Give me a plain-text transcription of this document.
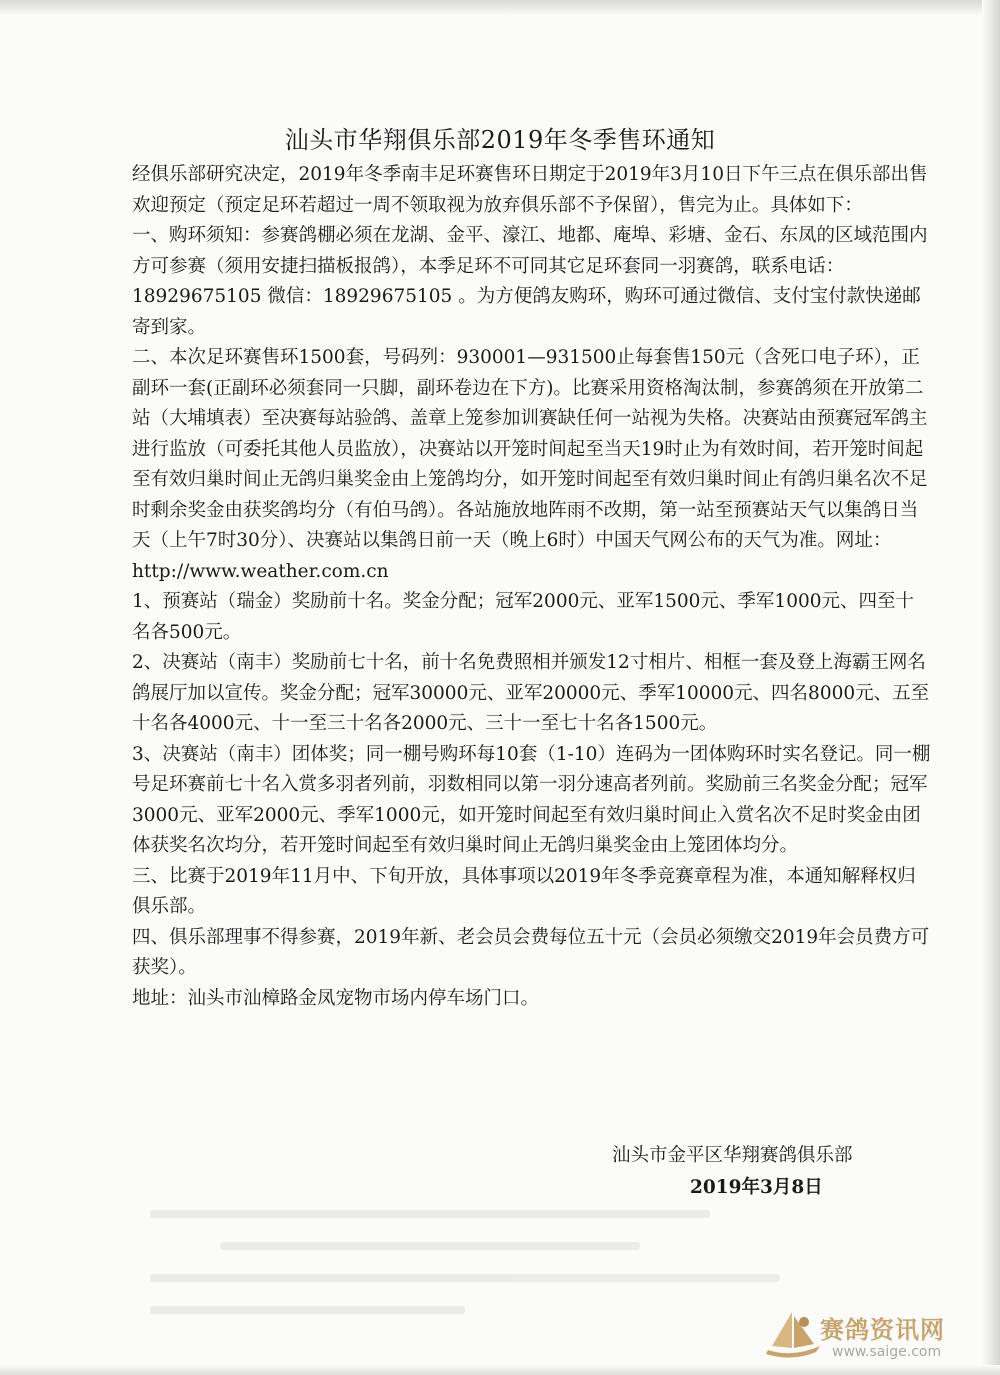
汕头市华翔俱乐部2019年冬季售环通知

经俱乐部研究决定，2019年冬季南丰足环赛售环日期定于2019年3月10日下午三点在俱乐部出售欢迎预定（预定足环若超过一周不领取视为放弃俱乐部不予保留），售完为止。具体如下：

一、购环须知：参赛鸽棚必须在龙湖、金平、濠江、地都、庵埠、彩塘、金石、东凤的区域范围内方可参赛（须用安捷扫描板报鸽），本季足环不可同其它足环套同一羽赛鸽，联系电话：18929675105 微信：18929675105 。为方便鸽友购环，购环可通过微信、支付宝付款快递邮寄到家。

二、本次足环赛售环1500套，号码列：930001—931500止每套售150元（含死口电子环），正副环一套(正副环必须套同一只脚，副环卷边在下方)。比赛采用资格淘汰制，参赛鸽须在开放第二站（大埔填表）至决赛每站验鸽、盖章上笼参加训赛缺任何一站视为失格。决赛站由预赛冠军鸽主进行监放（可委托其他人员监放），决赛站以开笼时间起至当天19时止为有效时间，若开笼时间起至有效归巢时间止无鸽归巢奖金由上笼鸽均分，如开笼时间起至有效归巢时间止有鸽归巢名次不足时剩余奖金由获奖鸽均分（有伯马鸽）。各站施放地阵雨不改期，第一站至预赛站天气以集鸽日当天（上午7时30分）、决赛站以集鸽日前一天（晚上6时）中国天气网公布的天气为准。网址：http://www.weather.com.cn

1、预赛站（瑞金）奖励前十名。奖金分配；冠军2000元、亚军1500元、季军1000元、四至十名各500元。

2、决赛站（南丰）奖励前七十名，前十名免费照相并颁发12寸相片、相框一套及登上海霸王网名鸽展厅加以宣传。奖金分配；冠军30000元、亚军20000元、季军10000元、四名8000元、五至十名各4000元、十一至三十名各2000元、三十一至七十名各1500元。

3、决赛站（南丰）团体奖；同一棚号购环每10套（1-10）连码为一团体购环时实名登记。同一棚号足环赛前七十名入赏多羽者列前，羽数相同以第一羽分速高者列前。奖励前三名奖金分配；冠军3000元、亚军2000元、季军1000元，如开笼时间起至有效归巢时间止入赏名次不足时奖金由团体获奖名次均分，若开笼时间起至有效归巢时间止无鸽归巢奖金由上笼团体均分。

三、比赛于2019年11月中、下旬开放，具体事项以2019年冬季竞赛章程为准，本通知解释权归俱乐部。

四、俱乐部理事不得参赛，2019年新、老会员会费每位五十元（会员必须缴交2019年会员费方可获奖）。

地址：汕头市汕樟路金凤宠物市场内停车场门口。

汕头市金平区华翔赛鸽俱乐部
2019年3月8日
赛鸽资讯网
www.saige.com
